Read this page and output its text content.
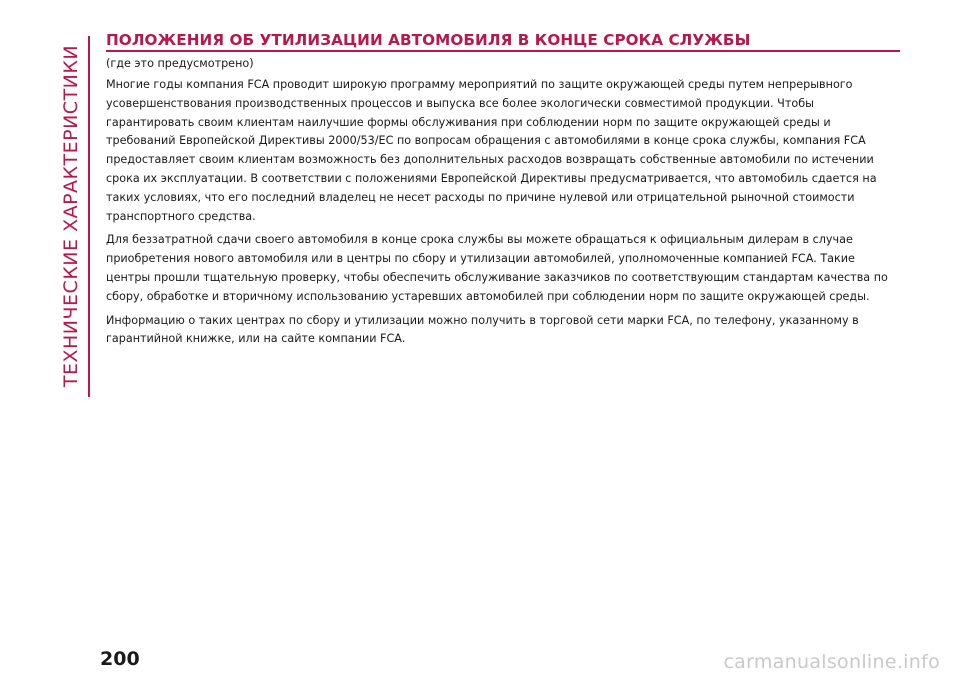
ТЕХНИЧЕСКИЕ ХАРАКТЕРИСТИКИ
ПОЛОЖЕНИЯ ОБ УТИЛИЗАЦИИ АВТОМОБИЛЯ В КОНЦЕ СРОКА СЛУЖБЫ
(где это предусмотрено)

Многие годы компания FCA проводит широкую программу мероприятий по защите окружающей среды путем непрерывного усовершенствования производственных процессов и выпуска все более экологически совместимой продукции. Чтобы гарантировать своим клиентам наилучшие формы обслуживания при соблюдении норм по защите окружающей среды и требований Европейской Директивы 2000/53/ЕС по вопросам обращения с автомобилями в конце срока службы, компания FCA предоставляет своим клиентам возможность без дополнительных расходов возвращать собственные автомобили по истечении срока их эксплуатации. В соответствии с положениями Европейской Директивы предусматривается, что автомобиль сдается на таких условиях, что его последний владелец не несет расходы по причине нулевой или отрицательной рыночной стоимости транспортного средства.

Для беззатратной сдачи своего автомобиля в конце срока службы вы можете обращаться к официальным дилерам в случае приобретения нового автомобиля или в центры по сбору и утилизации автомобилей, уполномоченные компанией FCA. Такие центры прошли тщательную проверку, чтобы обеспечить обслуживание заказчиков по соответствующим стандартам качества по сбору, обработке и вторичному использованию устаревших автомобилей при соблюдении норм по защите окружающей среды.

Информацию о таких центрах по сбору и утилизации можно получить в торговой сети марки FCA, по телефону, указанному в гарантийной книжке, или на сайте компании FCA.

200	carmanualsonline.info
